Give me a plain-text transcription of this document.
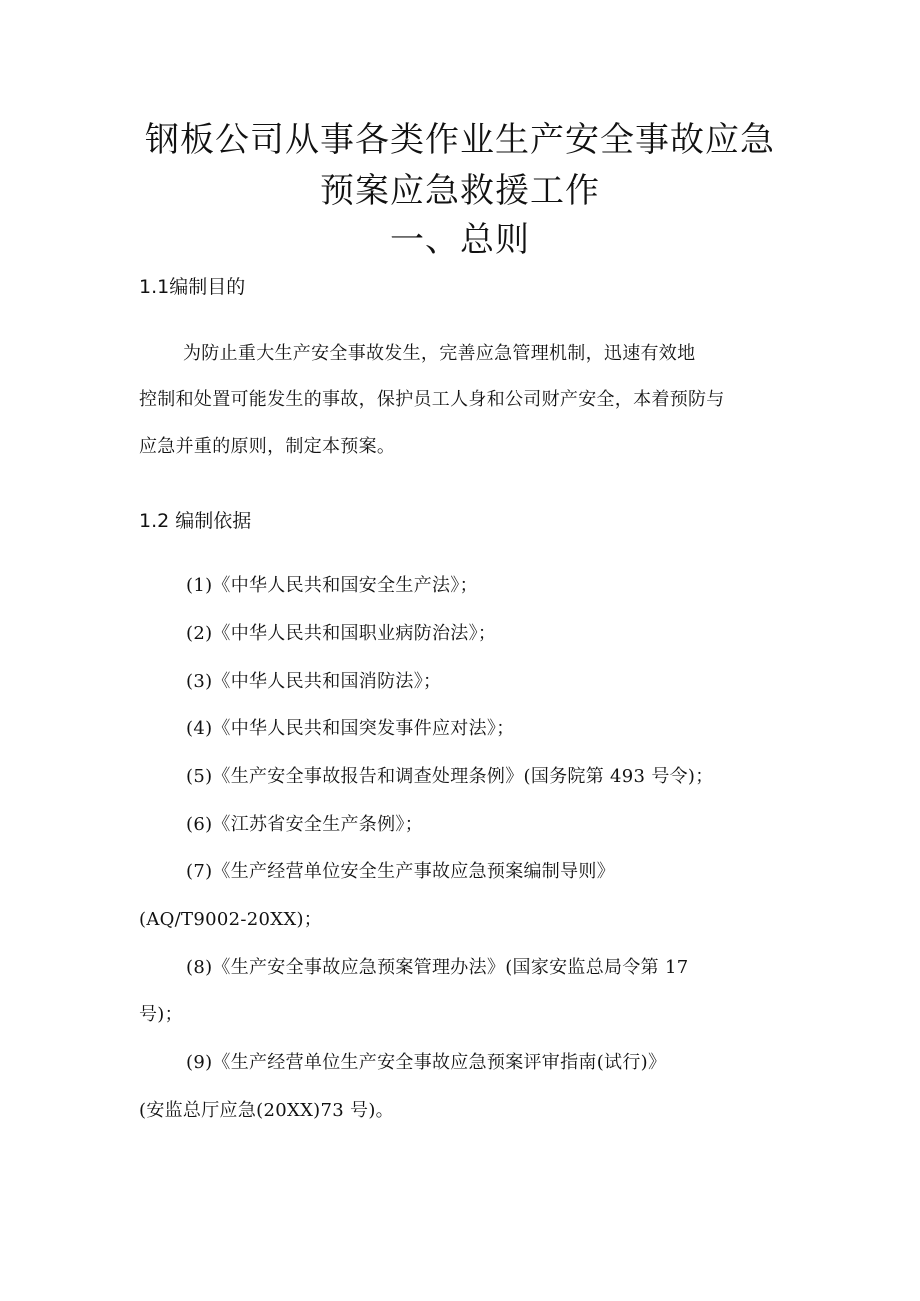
钢板公司从事各类作业生产安全事故应急
预案应急救援工作
一、总则
1.1编制目的
为防止重大生产安全事故发生，完善应急管理机制，迅速有效地
控制和处置可能发生的事故，保护员工人身和公司财产安全，本着预防与
应急并重的原则，制定本预案。
1.2 编制依据
(1)《中华人民共和国安全生产法》；
(2)《中华人民共和国职业病防治法》；
(3)《中华人民共和国消防法》；
(4)《中华人民共和国突发事件应对法》；
(5)《生产安全事故报告和调查处理条例》(国务院第 493 号令)；
(6)《江苏省安全生产条例》；
(7)《生产经营单位安全生产事故应急预案编制导则》
(AQ/T9002-20XX)；
(8)《生产安全事故应急预案管理办法》(国家安监总局令第 17
号)；
(9)《生产经营单位生产安全事故应急预案评审指南(试行)》
(安监总厅应急(20XX)73 号)。
